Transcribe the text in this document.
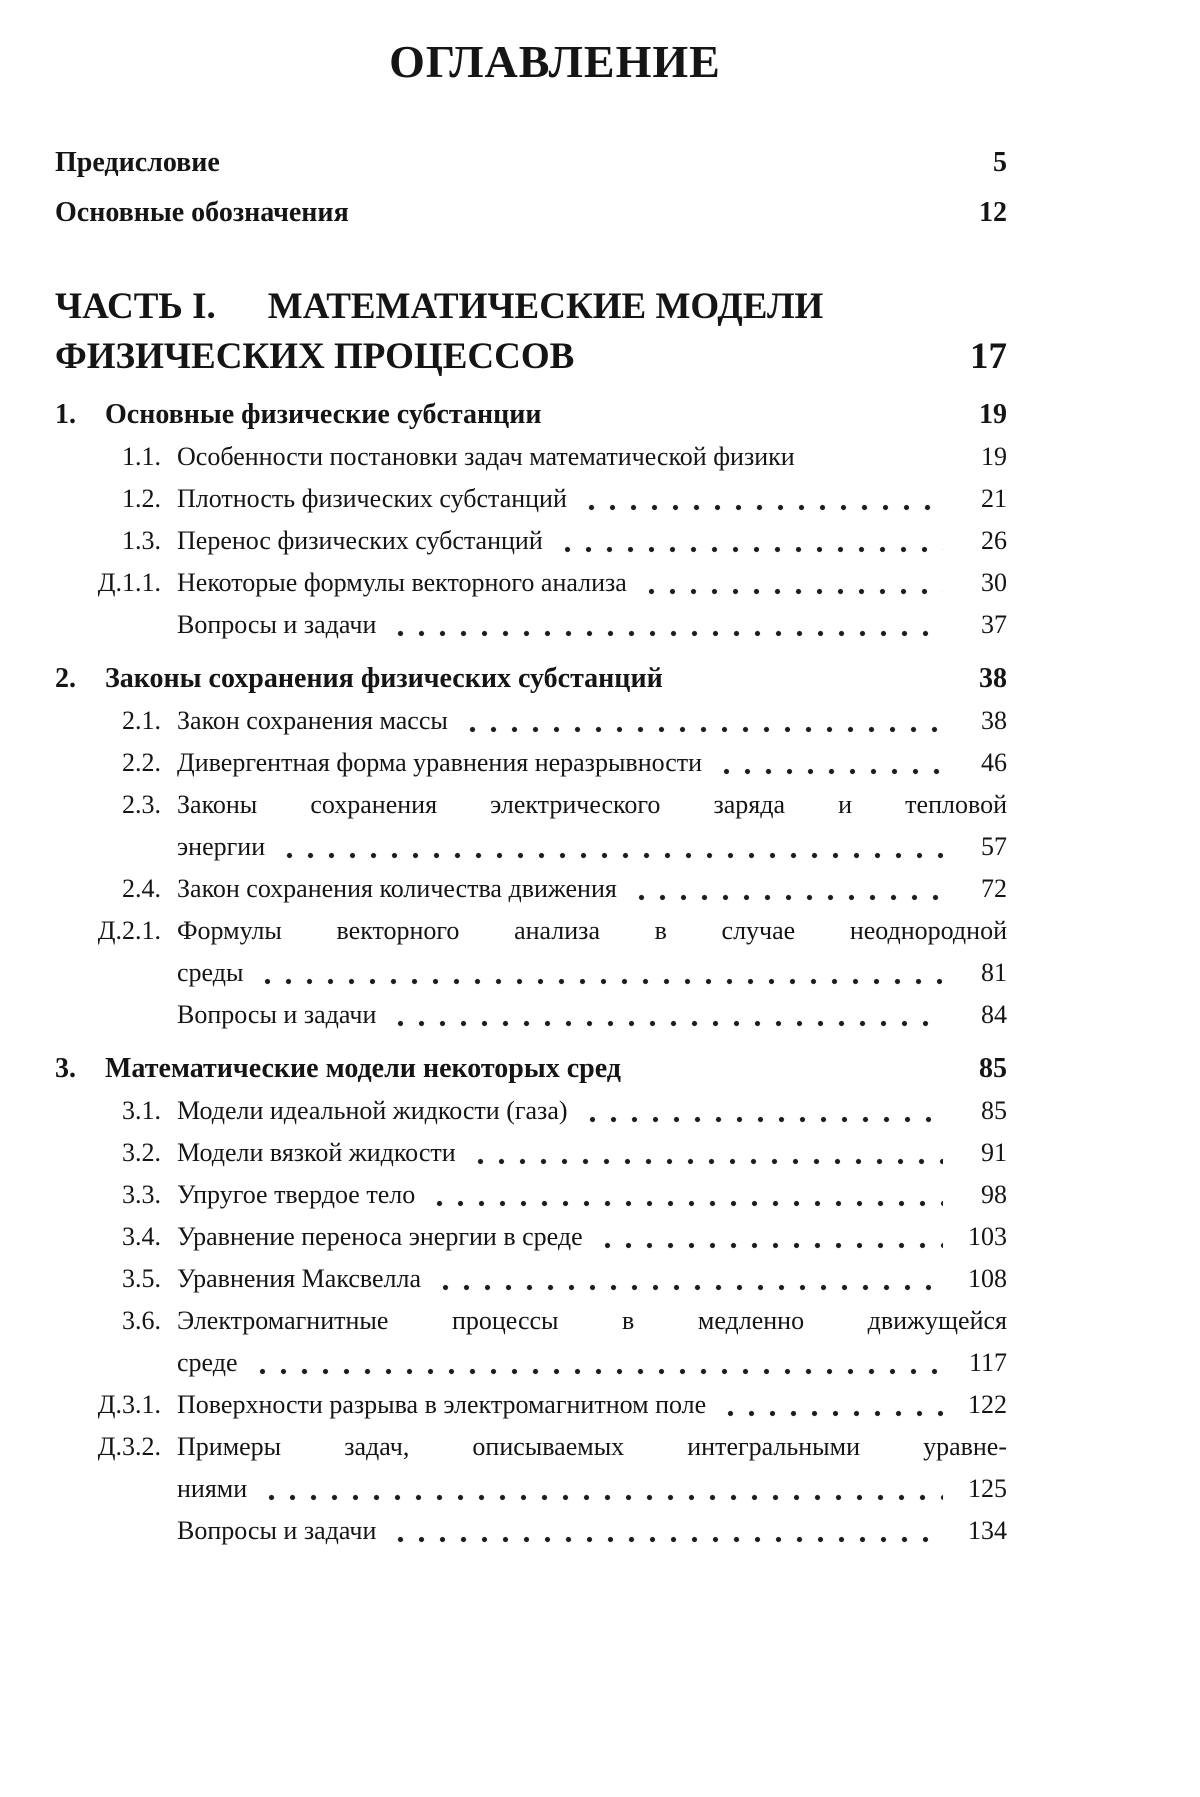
ОГЛАВЛЕНИЕ
Предисловие	5
Основные обозначения	12
ЧАСТЬ I. МАТЕМАТИЧЕСКИЕ МОДЕЛИ
ФИЗИЧЕСКИХ ПРОЦЕССОВ	17
1.	Основные физические субстанции	19
1.1. Особенности постановки задач математической физики	19
1.2. Плотность физических субстанций	21
1.3. Перенос физических субстанций	26
Д.1.1. Некоторые формулы векторного анализа	30
Вопросы и задачи	37
2.	Законы сохранения физических субстанций	38
2.1. Закон сохранения массы	38
2.2. Дивергентная форма уравнения неразрывности	46
2.3. Законы сохранения электрического заряда и тепловой
энергии	57
2.4. Закон сохранения количества движения	72
Д.2.1. Формулы векторного анализа в случае неоднородной
среды	81
Вопросы и задачи	84
3.	Математические модели некоторых сред	85
3.1. Модели идеальной жидкости (газа)	85
3.2. Модели вязкой жидкости	91
3.3. Упругое твердое тело	98
3.4. Уравнение переноса энергии в среде	103
3.5. Уравнения Максвелла	108
3.6. Электромагнитные процессы в медленно движущейся
среде	117
Д.3.1. Поверхности разрыва в электромагнитном поле	122
Д.3.2. Примеры задач, описываемых интегральными уравне-
ниями	125
Вопросы и задачи	134
